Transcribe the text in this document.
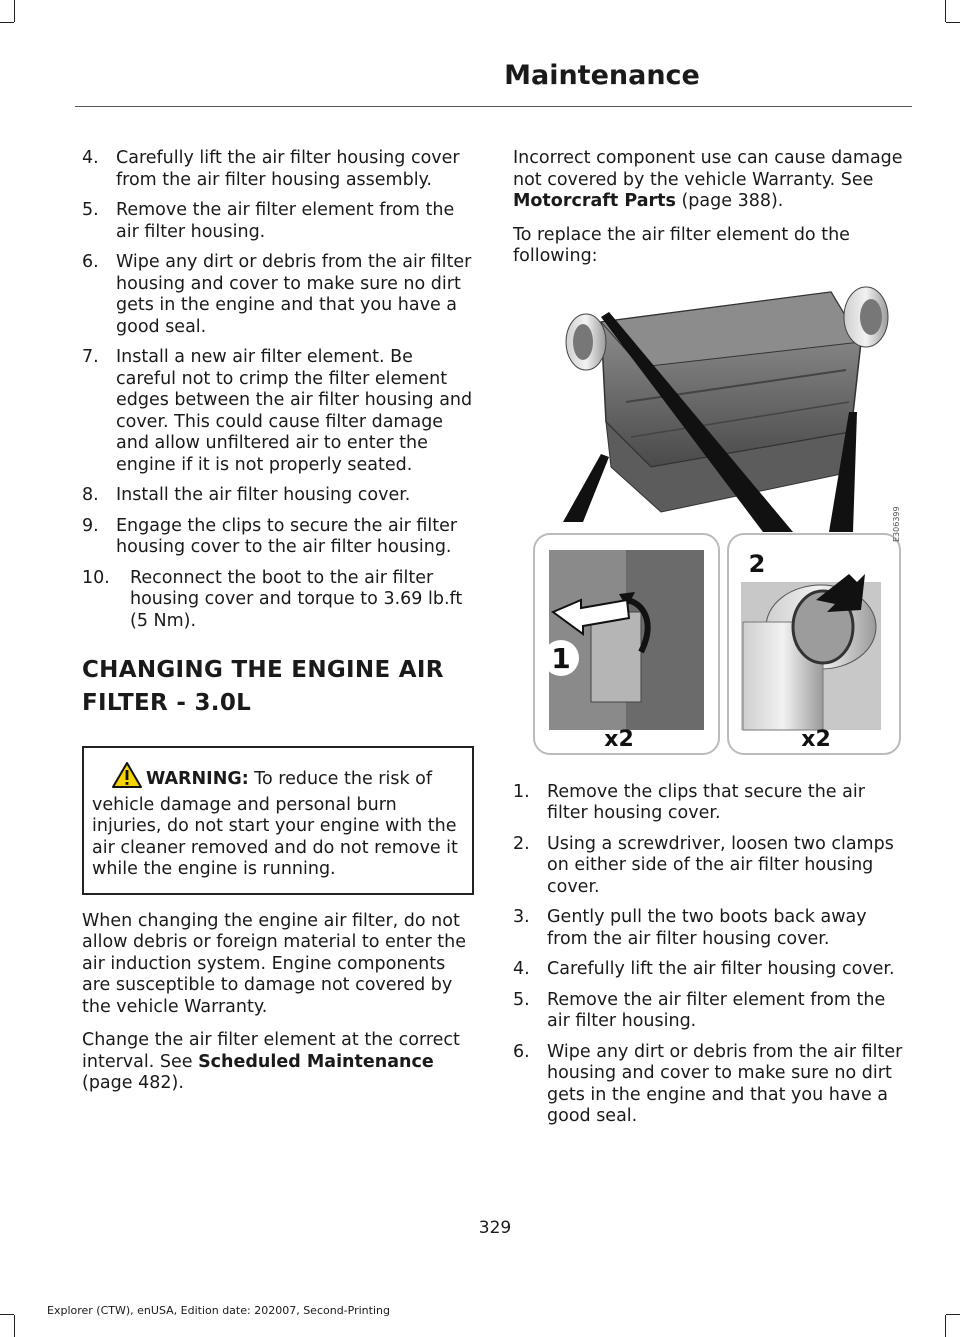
Maintenance
4. Carefully lift the air filter housing cover from the air filter housing assembly.
5. Remove the air filter element from the air filter housing.
6. Wipe any dirt or debris from the air filter housing and cover to make sure no dirt gets in the engine and that you have a good seal.
7. Install a new air filter element. Be careful not to crimp the filter element edges between the air filter housing and cover. This could cause filter damage and allow unfiltered air to enter the engine if it is not properly seated.
8. Install the air filter housing cover.
9. Engage the clips to secure the air filter housing cover to the air filter housing.
10. Reconnect the boot to the air filter housing cover and torque to 3.69 lb.ft (5 Nm).
CHANGING THE ENGINE AIR FILTER - 3.0L
WARNING: To reduce the risk of vehicle damage and personal burn injuries, do not start your engine with the air cleaner removed and do not remove it while the engine is running.

When changing the engine air filter, do not allow debris or foreign material to enter the air induction system. Engine components are susceptible to damage not covered by the vehicle Warranty.

Change the air filter element at the correct interval. See Scheduled Maintenance (page 482).

Incorrect component use can cause damage not covered by the vehicle Warranty. See Motorcraft Parts (page 388).

To replace the air filter element do the following:

1
x2
2
x2
E306399
1. Remove the clips that secure the air filter housing cover.
2. Using a screwdriver, loosen two clamps on either side of the air filter housing cover.
3. Gently pull the two boots back away from the air filter housing cover.
4. Carefully lift the air filter housing cover.
5. Remove the air filter element from the air filter housing.
6. Wipe any dirt or debris from the air filter housing and cover to make sure no dirt gets in the engine and that you have a good seal.
329
Explorer (CTW), enUSA, Edition date: 202007, Second-Printing
